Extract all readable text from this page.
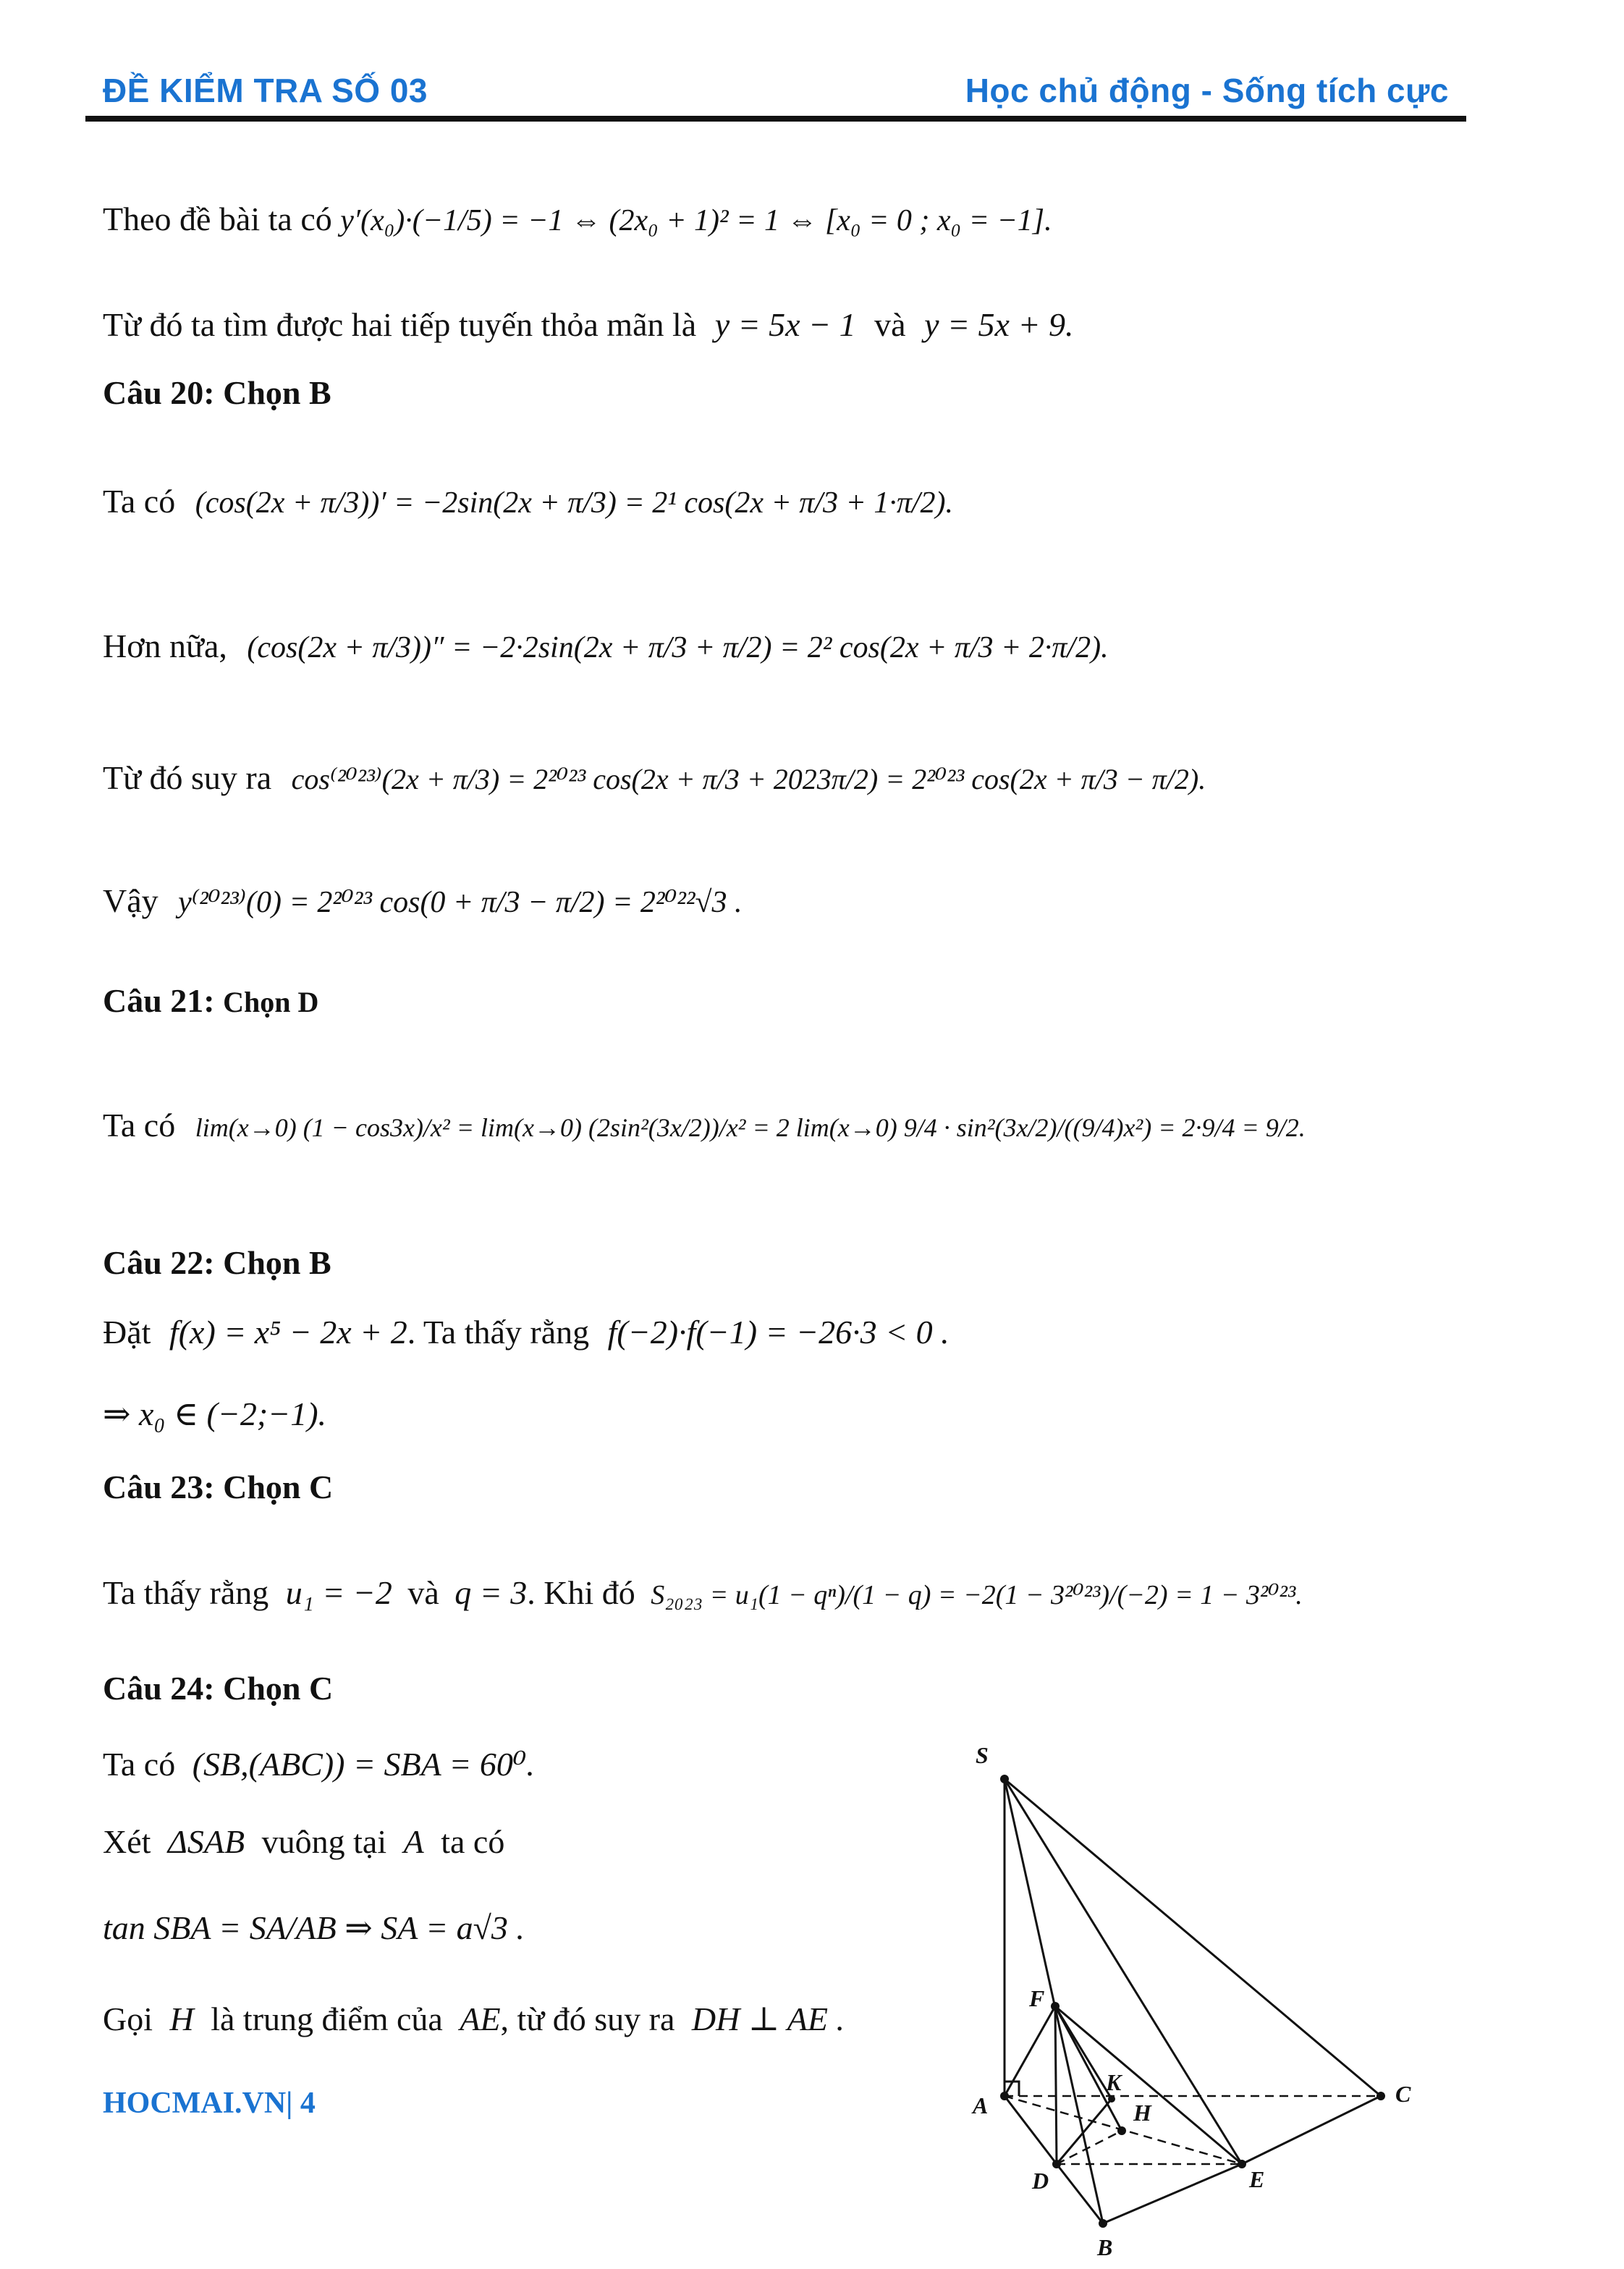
ĐỀ KIỂM TRA SỐ 03	Học chủ động - Sống tích cực
Theo đề bài ta có y′(x₀)·(−1/5) = −1 ⇔ (2x₀ + 1)² = 1 ⇔ [x₀ = 0 ; x₀ = −1].
Từ đó ta tìm được hai tiếp tuyến thỏa mãn là y = 5x − 1 và y = 5x + 9.
Câu 20: Chọn B
Ta có (cos(2x + π/3))′ = −2sin(2x + π/3) = 2¹ cos(2x + π/3 + 1·π/2).
Hơn nữa, (cos(2x + π/3))″ = −2·2sin(2x + π/3 + π/2) = 2² cos(2x + π/3 + 2·π/2).
Từ đó suy ra cos⁽²⁰²³⁾(2x + π/3) = 2²⁰²³ cos(2x + π/3 + 2023π/2) = 2²⁰²³ cos(2x + π/3 − π/2).
Vậy y⁽²⁰²³⁾(0) = 2²⁰²³ cos(0 + π/3 − π/2) = 2²⁰²²√3 .
Câu 21: Chọn D
Ta có lim(x→0) (1 − cos3x)/x² = lim(x→0) (2sin²(3x/2))/x² = 2 lim(x→0) 9/4 · sin²(3x/2)/((9/4)x²) = 2·9/4 = 9/2.
Câu 22: Chọn B
Đặt f(x) = x⁵ − 2x + 2. Ta thấy rằng f(−2)·f(−1) = −26·3 < 0 .
⇒ x₀ ∈ (−2;−1).
Câu 23: Chọn C
Ta thấy rằng u₁ = −2 và q = 3. Khi đó S₂₀₂₃ = u₁(1 − qⁿ)/(1 − q) = −2(1 − 3²⁰²³)/(−2) = 1 − 3²⁰²³.
Câu 24: Chọn C
Ta có (SB,(ABC)) = SBA = 60⁰.
Xét ΔSAB vuông tại A ta có
tan SBA = SA/AB ⇒ SA = a√3 .
Gọi H là trung điểm của AE, từ đó suy ra DH ⊥ AE .
HOCMAI.VN| 4
S
F
A
K
H
C
D	E
B
